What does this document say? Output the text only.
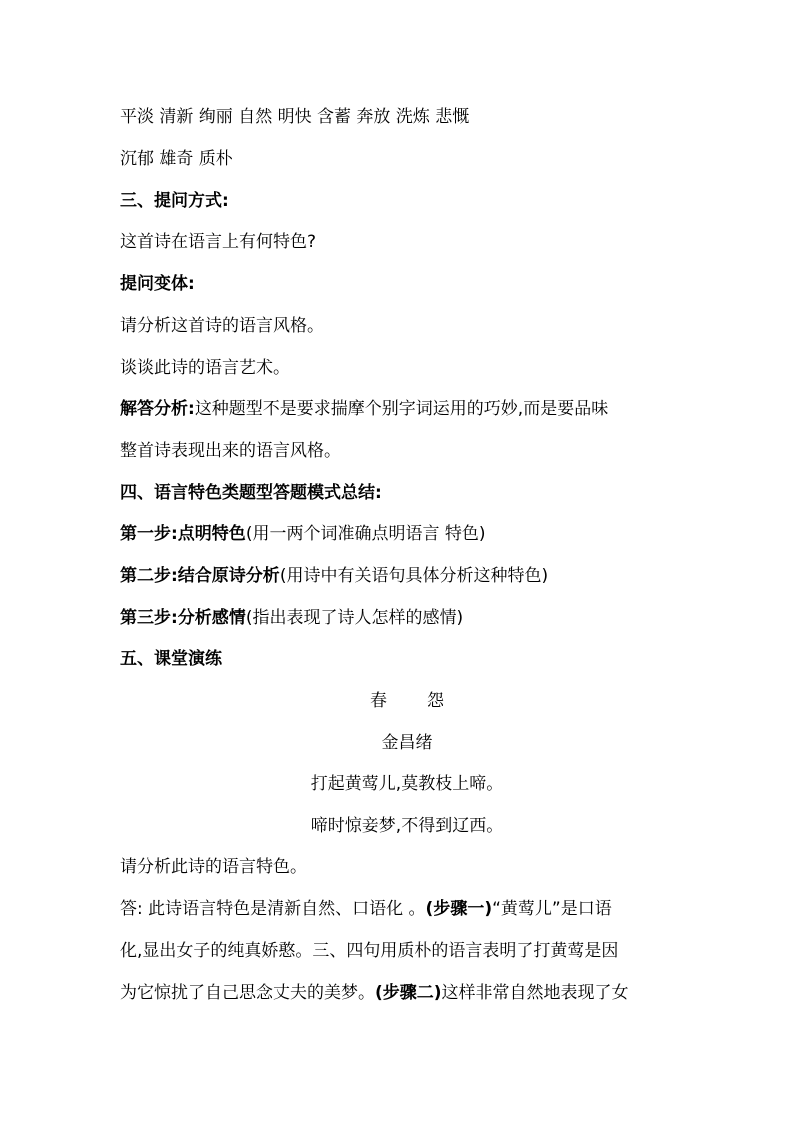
平淡 清新 绚丽 自然 明快 含蓄 奔放 洗炼 悲慨
沉郁 雄奇 质朴
三、提问方式:
这首诗在语言上有何特色?
提问变体:
请分析这首诗的语言风格。
谈谈此诗的语言艺术。
解答分析:这种题型不是要求揣摩个别字词运用的巧妙,而是要品味
整首诗表现出来的语言风格。
四、语言特色类题型答题模式总结:
第一步:点明特色(用一两个词准确点明语言 特色)
第二步:结合原诗分析(用诗中有关语句具体分析这种特色)
第三步:分析感情(指出表现了诗人怎样的感情)
五、课堂演练
春 怨
金昌绪
打起黄莺儿,莫教枝上啼。
啼时惊妾梦,不得到辽西。
请分析此诗的语言特色。
答: 此诗语言特色是清新自然、口语化 。(步骤一)“黄莺儿”是口语
化,显出女子的纯真娇憨。三、四句用质朴的语言表明了打黄莺是因
为它惊扰了自己思念丈夫的美梦。(步骤二)这样非常自然地表现了女
